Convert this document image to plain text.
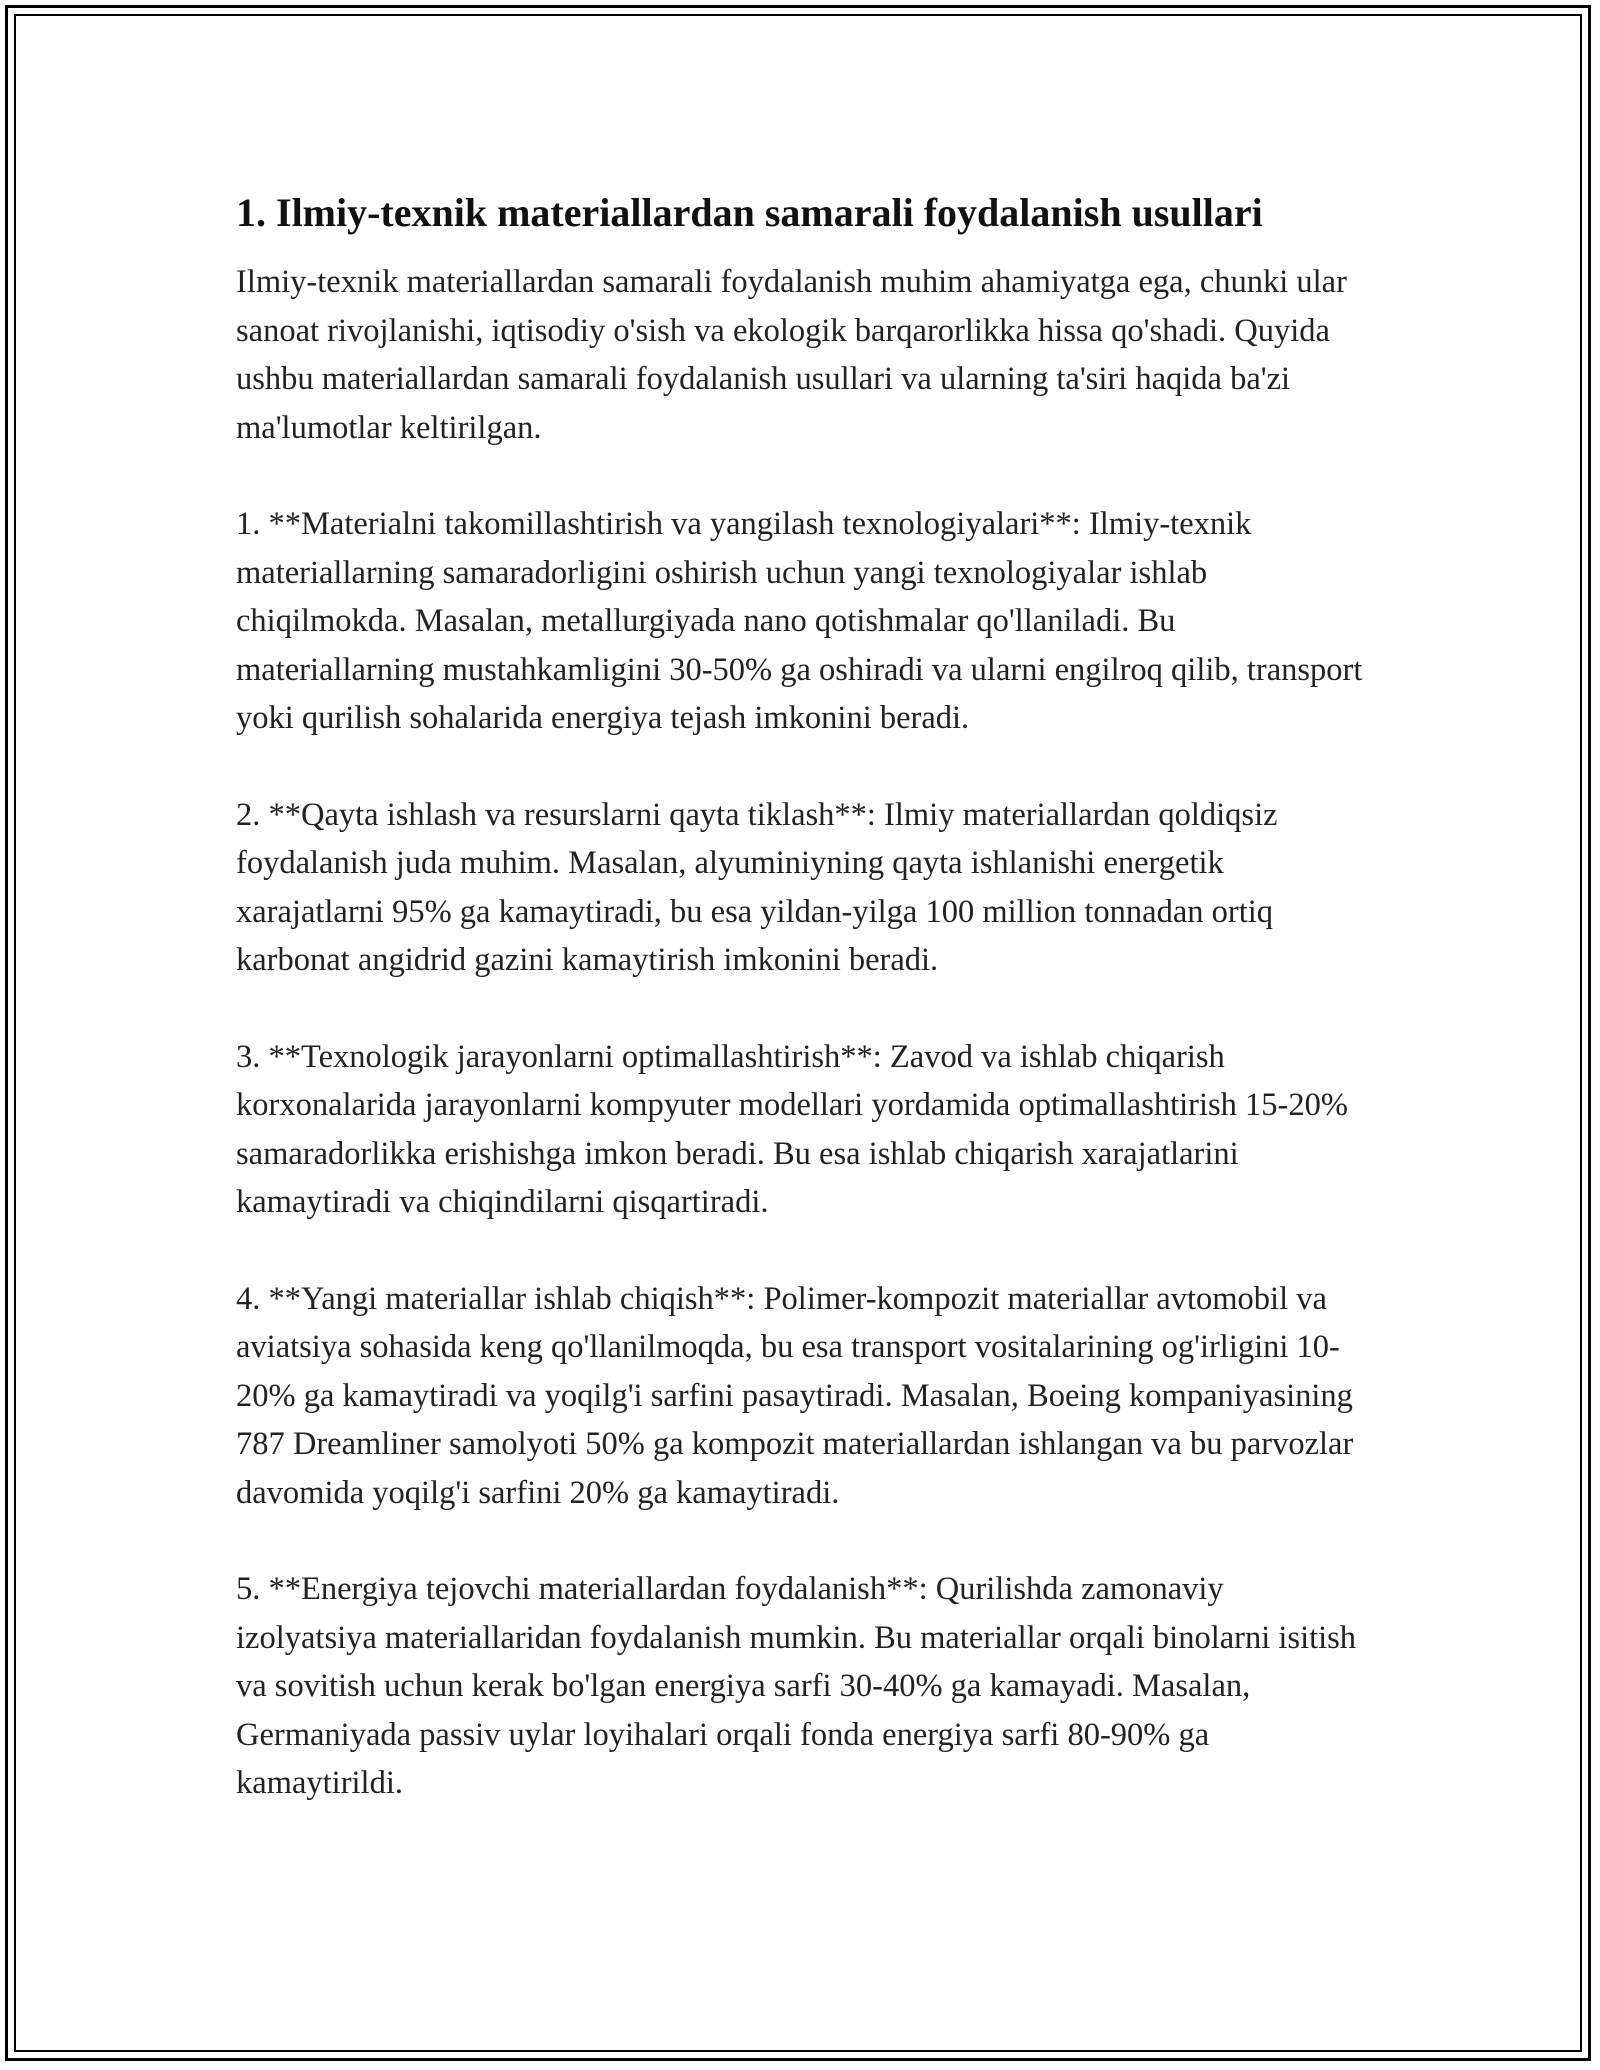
1. Ilmiy-texnik materiallardan samarali foydalanish usullari

Ilmiy-texnik materiallardan samarali foydalanish muhim ahamiyatga ega, chunki ular sanoat rivojlanishi, iqtisodiy o'sish va ekologik barqarorlikka hissa qo'shadi. Quyida ushbu materiallardan samarali foydalanish usullari va ularning ta'siri haqida ba'zi ma'lumotlar keltirilgan.

1. **Materialni takomillashtirish va yangilash texnologiyalari**: Ilmiy-texnik materiallarning samaradorligini oshirish uchun yangi texnologiyalar ishlab chiqilmokda. Masalan, metallurgiyada nano qotishmalar qo'llaniladi. Bu materiallarning mustahkamligini 30-50% ga oshiradi va ularni engilroq qilib, transport yoki qurilish sohalarida energiya tejash imkonini beradi.

2. **Qayta ishlash va resurslarni qayta tiklash**: Ilmiy materiallardan qoldiqsiz foydalanish juda muhim. Masalan, alyuminiyning qayta ishlanishi energetik xarajatlarni 95% ga kamaytiradi, bu esa yildan-yilga 100 million tonnadan ortiq karbonat angidrid gazini kamaytirish imkonini beradi.

3. **Texnologik jarayonlarni optimallashtirish**: Zavod va ishlab chiqarish korxonalarida jarayonlarni kompyuter modellari yordamida optimallashtirish 15-20% samaradorlikka erishishga imkon beradi. Bu esa ishlab chiqarish xarajatlarini kamaytiradi va chiqindilarni qisqartiradi.

4. **Yangi materiallar ishlab chiqish**: Polimer-kompozit materiallar avtomobil va aviatsiya sohasida keng qo'llanilmoqda, bu esa transport vositalarining og'irligini 10-20% ga kamaytiradi va yoqilg'i sarfini pasaytiradi. Masalan, Boeing kompaniyasining 787 Dreamliner samolyoti 50% ga kompozit materiallardan ishlangan va bu parvozlar davomida yoqilg'i sarfini 20% ga kamaytiradi.

5. **Energiya tejovchi materiallardan foydalanish**: Qurilishda zamonaviy izolyatsiya materiallaridan foydalanish mumkin. Bu materiallar orqali binolarni isitish va sovitish uchun kerak bo'lgan energiya sarfi 30-40% ga kamayadi. Masalan, Germaniyada passiv uylar loyihalari orqali fonda energiya sarfi 80-90% ga kamaytirildi.
